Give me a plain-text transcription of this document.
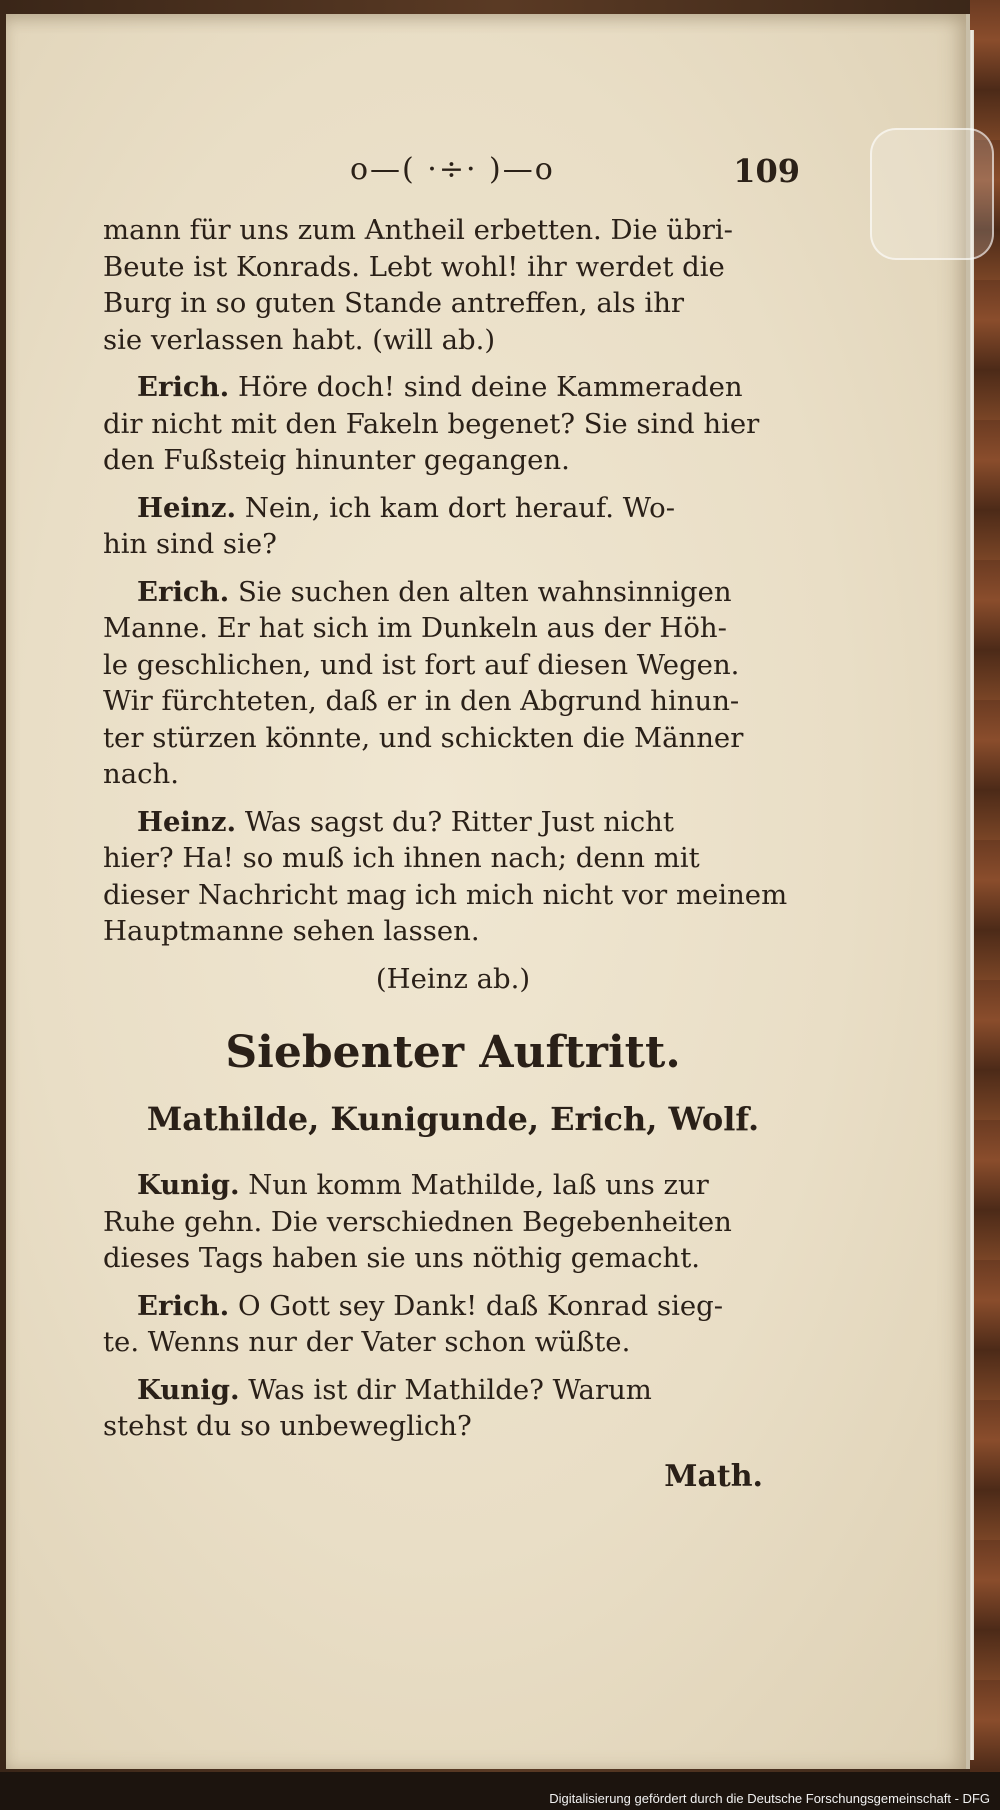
o—( ·÷· )—o	109
mann für uns zum Antheil erbetten. Die übri-
Beute ist Konrads. Lebt wohl! ihr werdet die
Burg in so guten Stande antreffen, als ihr
sie verlassen habt. (will ab.)
Erich. Höre doch! sind deine Kammeraden
dir nicht mit den Fakeln begenet? Sie sind hier
den Fußsteig hinunter gegangen.
Heinz. Nein, ich kam dort herauf. Wo-
hin sind sie?
Erich. Sie suchen den alten wahnsinnigen
Manne. Er hat sich im Dunkeln aus der Höh-
le geschlichen, und ist fort auf diesen Wegen.
Wir fürchteten, daß er in den Abgrund hinun-
ter stürzen könnte, und schickten die Männer
nach.
Heinz. Was sagst du? Ritter Just nicht
hier? Ha! so muß ich ihnen nach; denn mit
dieser Nachricht mag ich mich nicht vor meinem
Hauptmanne sehen lassen.
(Heinz ab.)
Siebenter Auftritt.
Mathilde, Kunigunde, Erich, Wolf.
Kunig. Nun komm Mathilde, laß uns zur
Ruhe gehn. Die verschiednen Begebenheiten
dieses Tags haben sie uns nöthig gemacht.
Erich. O Gott sey Dank! daß Konrad sieg-
te. Wenns nur der Vater schon wüßte.
Kunig. Was ist dir Mathilde? Warum
stehst du so unbeweglich?
Math.
Digitalisierung gefördert durch die Deutsche Forschungsgemeinschaft - DFG
